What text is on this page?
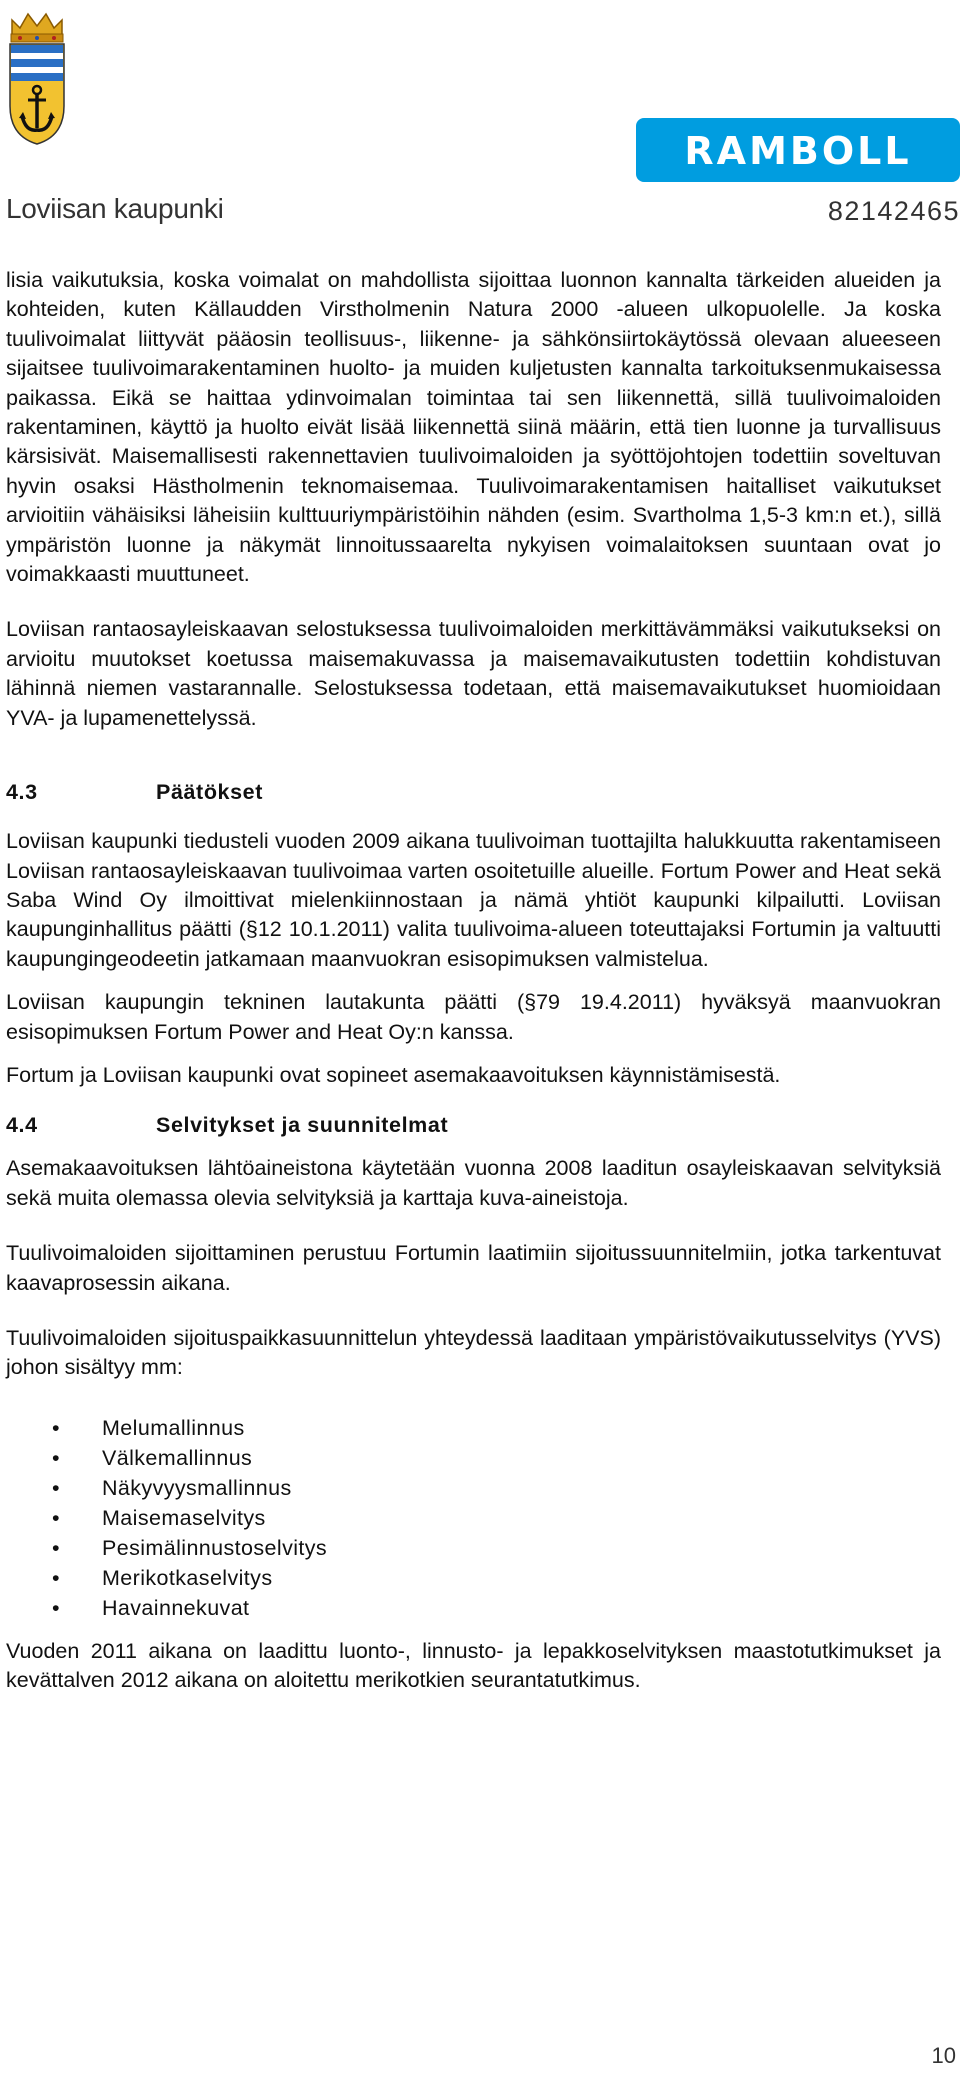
RAMBOLL
Loviisan kaupunki	82142465

lisia vaikutuksia, koska voimalat on mahdollista sijoittaa luonnon kannalta tärkeiden alueiden ja kohteiden, kuten Källaudden Virstholmenin Natura 2000 -alueen ulkopuolelle. Ja koska tuulivoimalat liittyvät pääosin teollisuus-, liikenne- ja sähkönsiirtokäytössä olevaan alueeseen sijaitsee tuulivoimarakentaminen huolto- ja muiden kuljetusten kannalta tarkoituksenmukaisessa paikassa. Eikä se haittaa ydinvoimalan toimintaa tai sen liikennettä, sillä tuulivoimaloiden rakentaminen, käyttö ja huolto eivät lisää liikennettä siinä määrin, että tien luonne ja turvallisuus kärsisivät. Maisemallisesti rakennettavien tuulivoimaloiden ja syöttöjohtojen todettiin soveltuvan hyvin osaksi Hästholmenin teknomaisemaa. Tuulivoimarakentamisen haitalliset vaikutukset arvioitiin vähäisiksi läheisiin kulttuuriympäristöihin nähden (esim. Svartholma 1,5-3 km:n et.), sillä ympäristön luonne ja näkymät linnoitussaarelta nykyisen voimalaitoksen suuntaan ovat jo voimakkaasti muuttuneet.

Loviisan rantaosayleiskaavan selostuksessa tuulivoimaloiden merkittävämmäksi vaikutukseksi on arvioitu muutokset koetussa maisemakuvassa ja maisemavaikutusten todettiin kohdistuvan lähinnä niemen vastarannalle. Selostuksessa todetaan, että maisemavaikutukset huomioidaan YVA- ja lupamenettelyssä.

4.3	Päätökset

Loviisan kaupunki tiedusteli vuoden 2009 aikana tuulivoiman tuottajilta halukkuutta rakentamiseen Loviisan rantaosayleiskaavan tuulivoimaa varten osoitetuille alueille. Fortum Power and Heat sekä Saba Wind Oy ilmoittivat mielenkiinnostaan ja nämä yhtiöt kaupunki kilpailutti. Loviisan kaupunginhallitus päätti (§12 10.1.2011) valita tuulivoima-alueen toteuttajaksi Fortumin ja valtuutti kaupungingeodeetin jatkamaan maanvuokran esisopimuksen valmistelua.

Loviisan kaupungin tekninen lautakunta päätti (§79 19.4.2011) hyväksyä maanvuokran esisopimuksen Fortum Power and Heat Oy:n kanssa.

Fortum ja Loviisan kaupunki ovat sopineet asemakaavoituksen käynnistämisestä.

4.4	Selvitykset ja suunnitelmat

Asemakaavoituksen lähtöaineistona käytetään vuonna 2008 laaditun osayleiskaavan selvityksiä sekä muita olemassa olevia selvityksiä ja karttaja kuva-aineistoja.

Tuulivoimaloiden sijoittaminen perustuu Fortumin laatimiin sijoitussuunnitelmiin, jotka tarkentuvat kaavaprosessin aikana.

Tuulivoimaloiden sijoituspaikkasuunnittelun yhteydessä laaditaan ympäristövaikutusselvitys (YVS) johon sisältyy mm:

• Melumallinnus
• Välkemallinnus
• Näkyvyysmallinnus
• Maisemaselvitys
• Pesimälinnustoselvitys
• Merikotkaselvitys
• Havainnekuvat

Vuoden 2011 aikana on laadittu luonto-, linnusto- ja lepakkoselvityksen maastotutkimukset ja kevättalven 2012 aikana on aloitettu merikotkien seurantatutkimus.

10
